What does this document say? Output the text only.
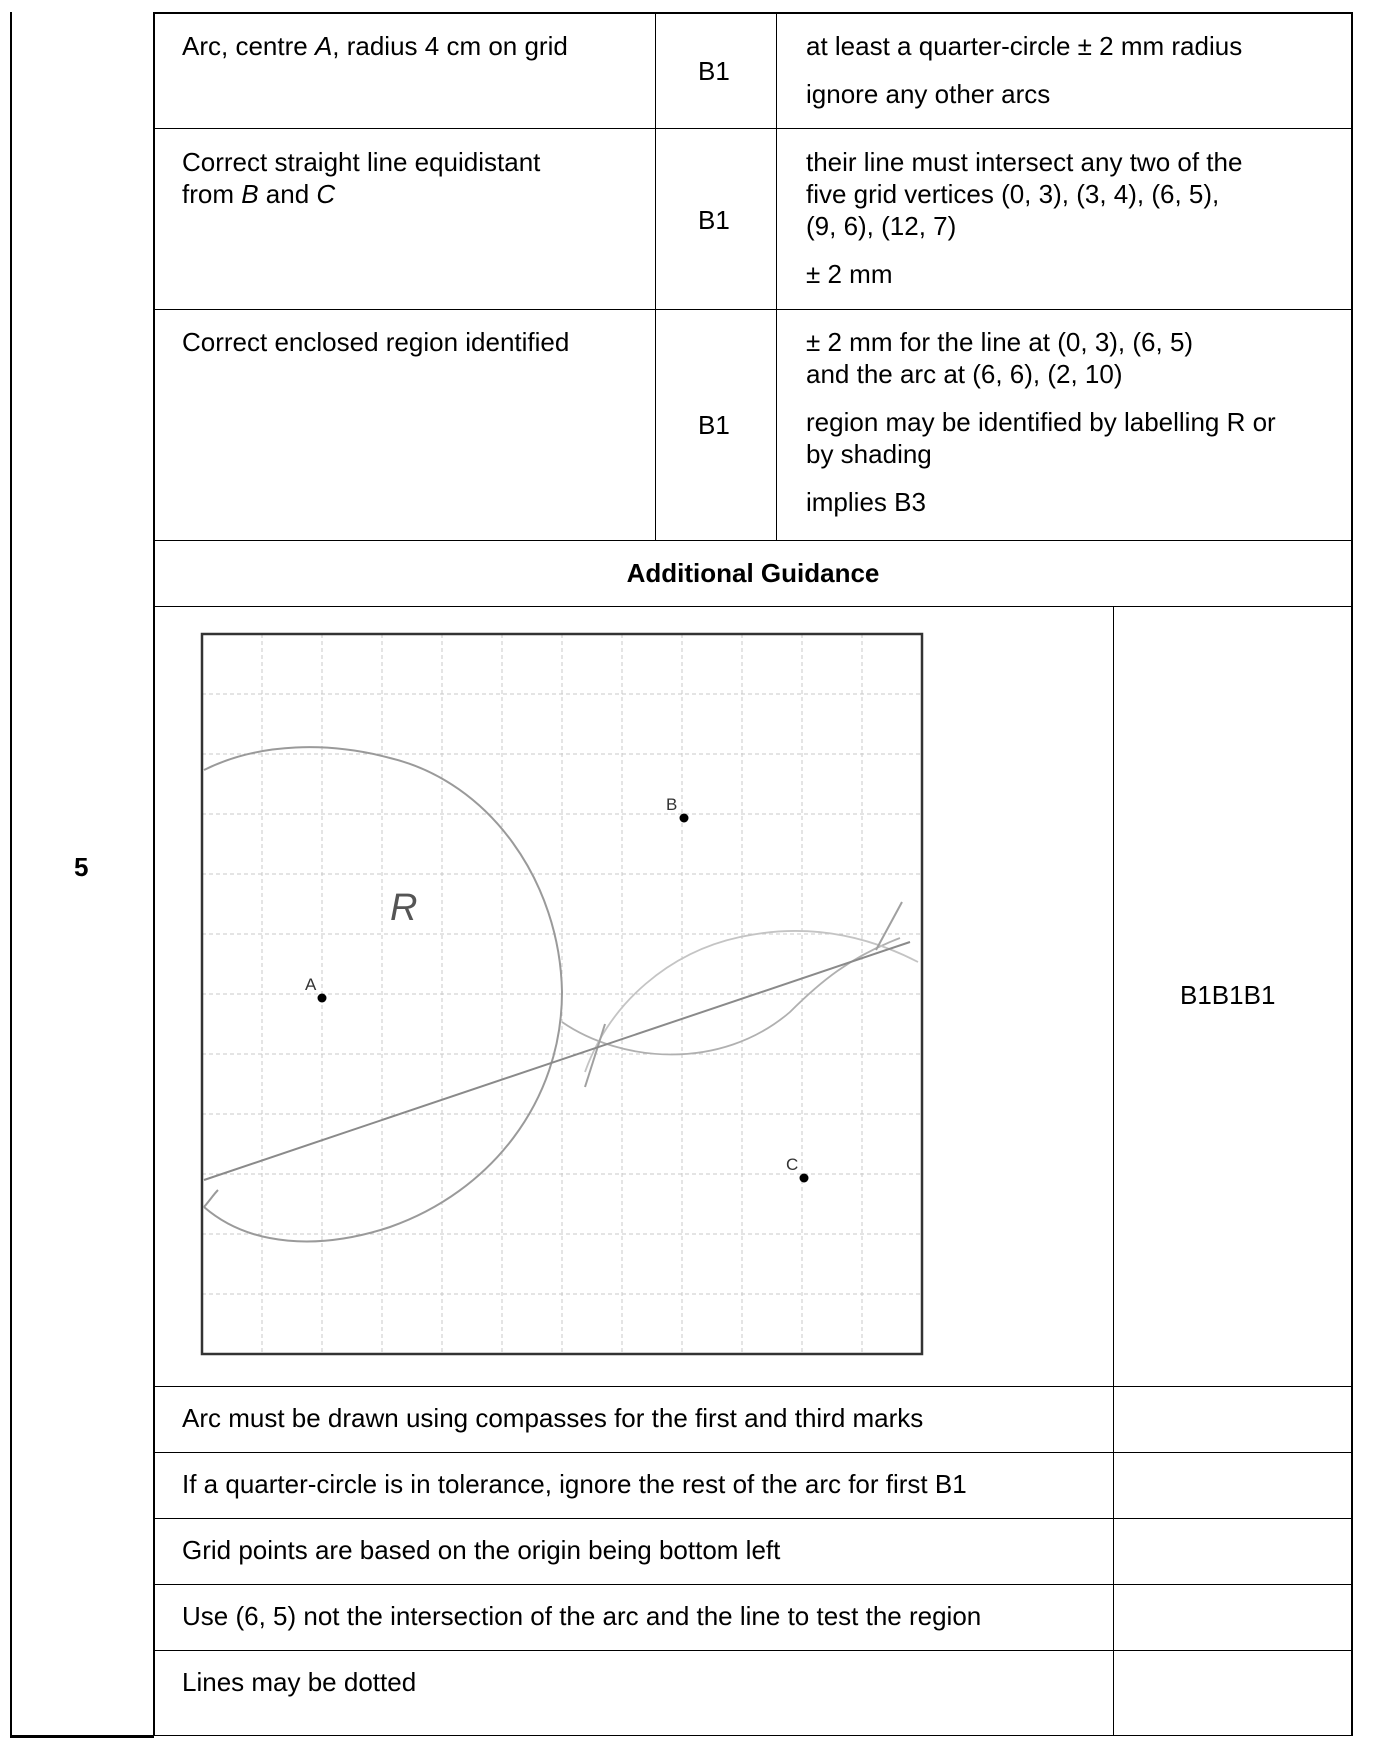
5
Arc, centre A, radius 4 cm on grid
B1
at least a quarter-circle ± 2 mm radius
ignore any other arcs
Correct straight line equidistant
from B and C
B1
their line must intersect any two of the
five grid vertices (0, 3), (3, 4), (6, 5),
(9, 6), (12, 7)
± 2 mm
Correct enclosed region identified
B1
± 2 mm for the line at (0, 3), (6, 5)
and the arc at (6, 6), (2, 10)
region may be identified by labelling R or
by shading
implies B3
Additional Guidance
A
B
C
R
B1B1B1
Arc must be drawn using compasses for the first and third marks
If a quarter-circle is in tolerance, ignore the rest of the arc for first B1
Grid points are based on the origin being bottom left
Use (6, 5) not the intersection of the arc and the line to test the region
Lines may be dotted
